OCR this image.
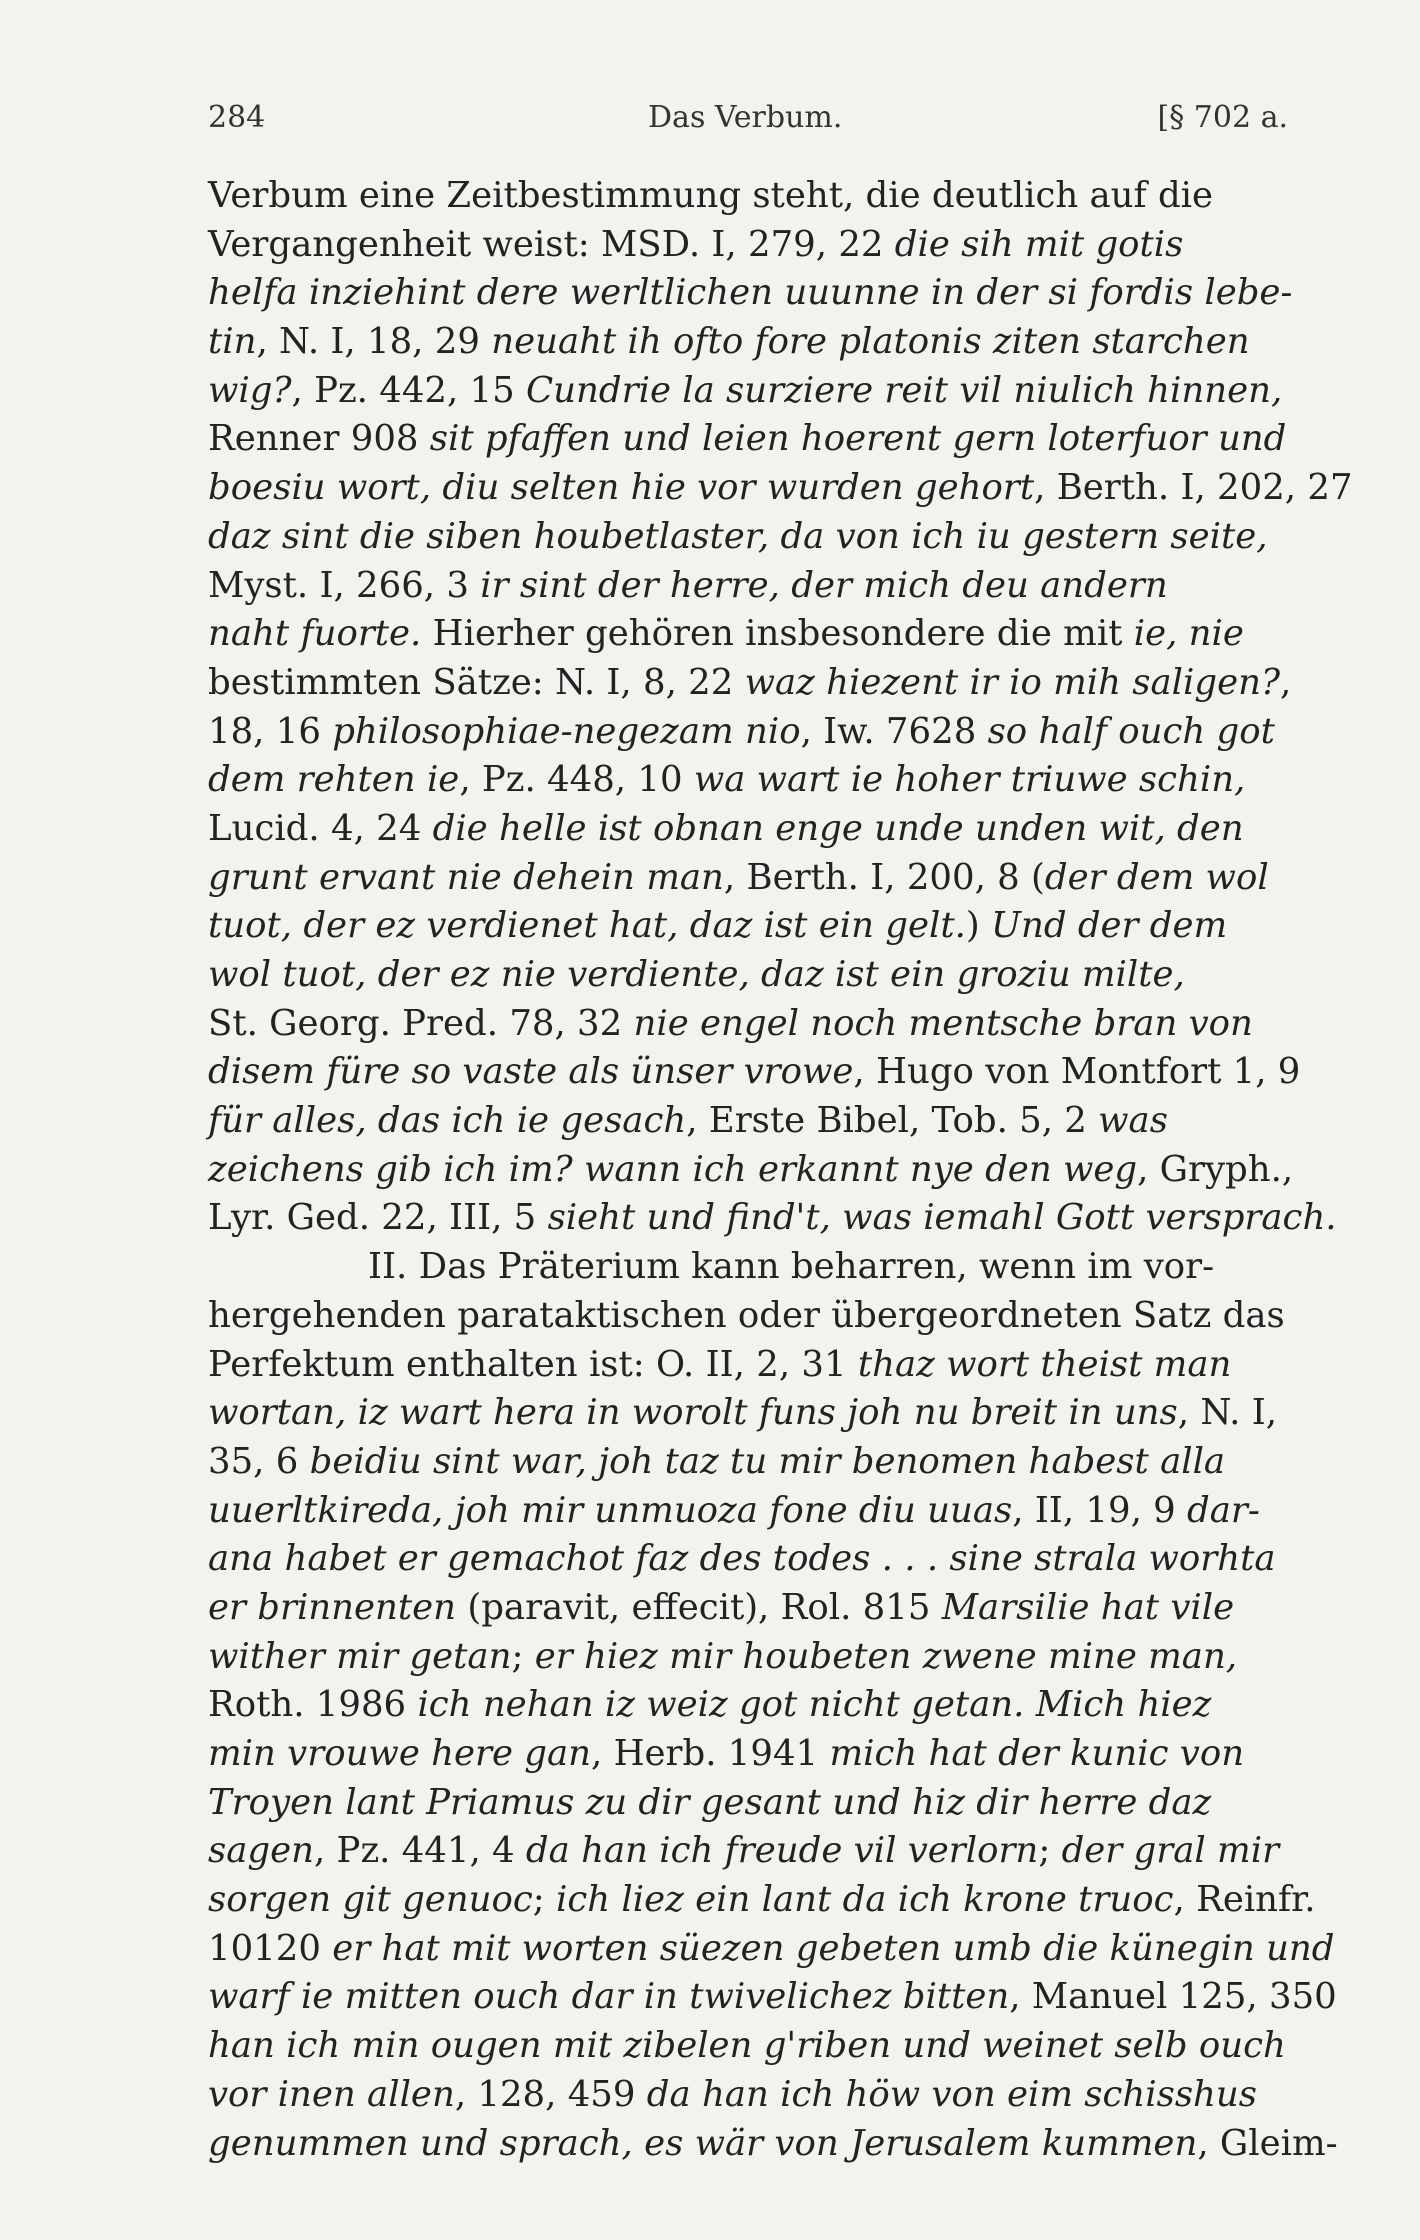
284	Das Verbum.	[§ 702 a.
Verbum eine Zeitbestimmung steht, die deutlich auf die
Vergangenheit weist: MSD. I, 279, 22 die sih mit gotis
helfa inziehint dere werltlichen uuunne in der si fordis lebe-
tin, N. I, 18, 29 neuaht ih ofto fore platonis ziten starchen
wig?, Pz. 442, 15 Cundrie la surziere reit vil niulich hinnen,
Renner 908 sit pfaffen und leien hoerent gern loterfuor und
boesiu wort, diu selten hie vor wurden gehort, Berth. I, 202, 27
daz sint die siben houbetlaster, da von ich iu gestern seite,
Myst. I, 266, 3 ir sint der herre, der mich deu andern
naht fuorte. Hierher gehören insbesondere die mit ie, nie
bestimmten Sätze: N. I, 8, 22 waz hiezent ir io mih saligen?,
18, 16 philosophiae-negezam nio, Iw. 7628 so half ouch got
dem rehten ie, Pz. 448, 10 wa wart ie hoher triuwe schin,
Lucid. 4, 24 die helle ist obnan enge unde unden wit, den
grunt ervant nie dehein man, Berth. I, 200, 8 (der dem wol
tuot, der ez verdienet hat, daz ist ein gelt.) Und der dem
wol tuot, der ez nie verdiente, daz ist ein groziu milte,
St. Georg. Pred. 78, 32 nie engel noch mentsche bran von
disem füre so vaste als ünser vrowe, Hugo von Montfort 1, 9
für alles, das ich ie gesach, Erste Bibel, Tob. 5, 2 was
zeichens gib ich im? wann ich erkannt nye den weg, Gryph.,
Lyr. Ged. 22, III, 5 sieht und find't, was iemahl Gott versprach.
II. Das Präterium kann beharren, wenn im vor-
hergehenden parataktischen oder übergeordneten Satz das
Perfektum enthalten ist: O. II, 2, 31 thaz wort theist man
wortan, iz wart hera in worolt funs joh nu breit in uns, N. I,
35, 6 beidiu sint war, joh taz tu mir benomen habest alla
uuerltkireda, joh mir unmuoza fone diu uuas, II, 19, 9 dar-
ana habet er gemachot faz des todes . . . sine strala worhta
er brinnenten (paravit, effecit), Rol. 815 Marsilie hat vile
wither mir getan; er hiez mir houbeten zwene mine man,
Roth. 1986 ich nehan iz weiz got nicht getan. Mich hiez
min vrouwe here gan, Herb. 1941 mich hat der kunic von
Troyen lant Priamus zu dir gesant und hiz dir herre daz
sagen, Pz. 441, 4 da han ich freude vil verlorn; der gral mir
sorgen git genuoc; ich liez ein lant da ich krone truoc, Reinfr.
10120 er hat mit worten süezen gebeten umb die künegin und
warf ie mitten ouch dar in twivelichez bitten, Manuel 125, 350
han ich min ougen mit zibelen g'riben und weinet selb ouch
vor inen allen, 128, 459 da han ich höw von eim schisshus
genummen und sprach, es wär von Jerusalem kummen, Gleim-
